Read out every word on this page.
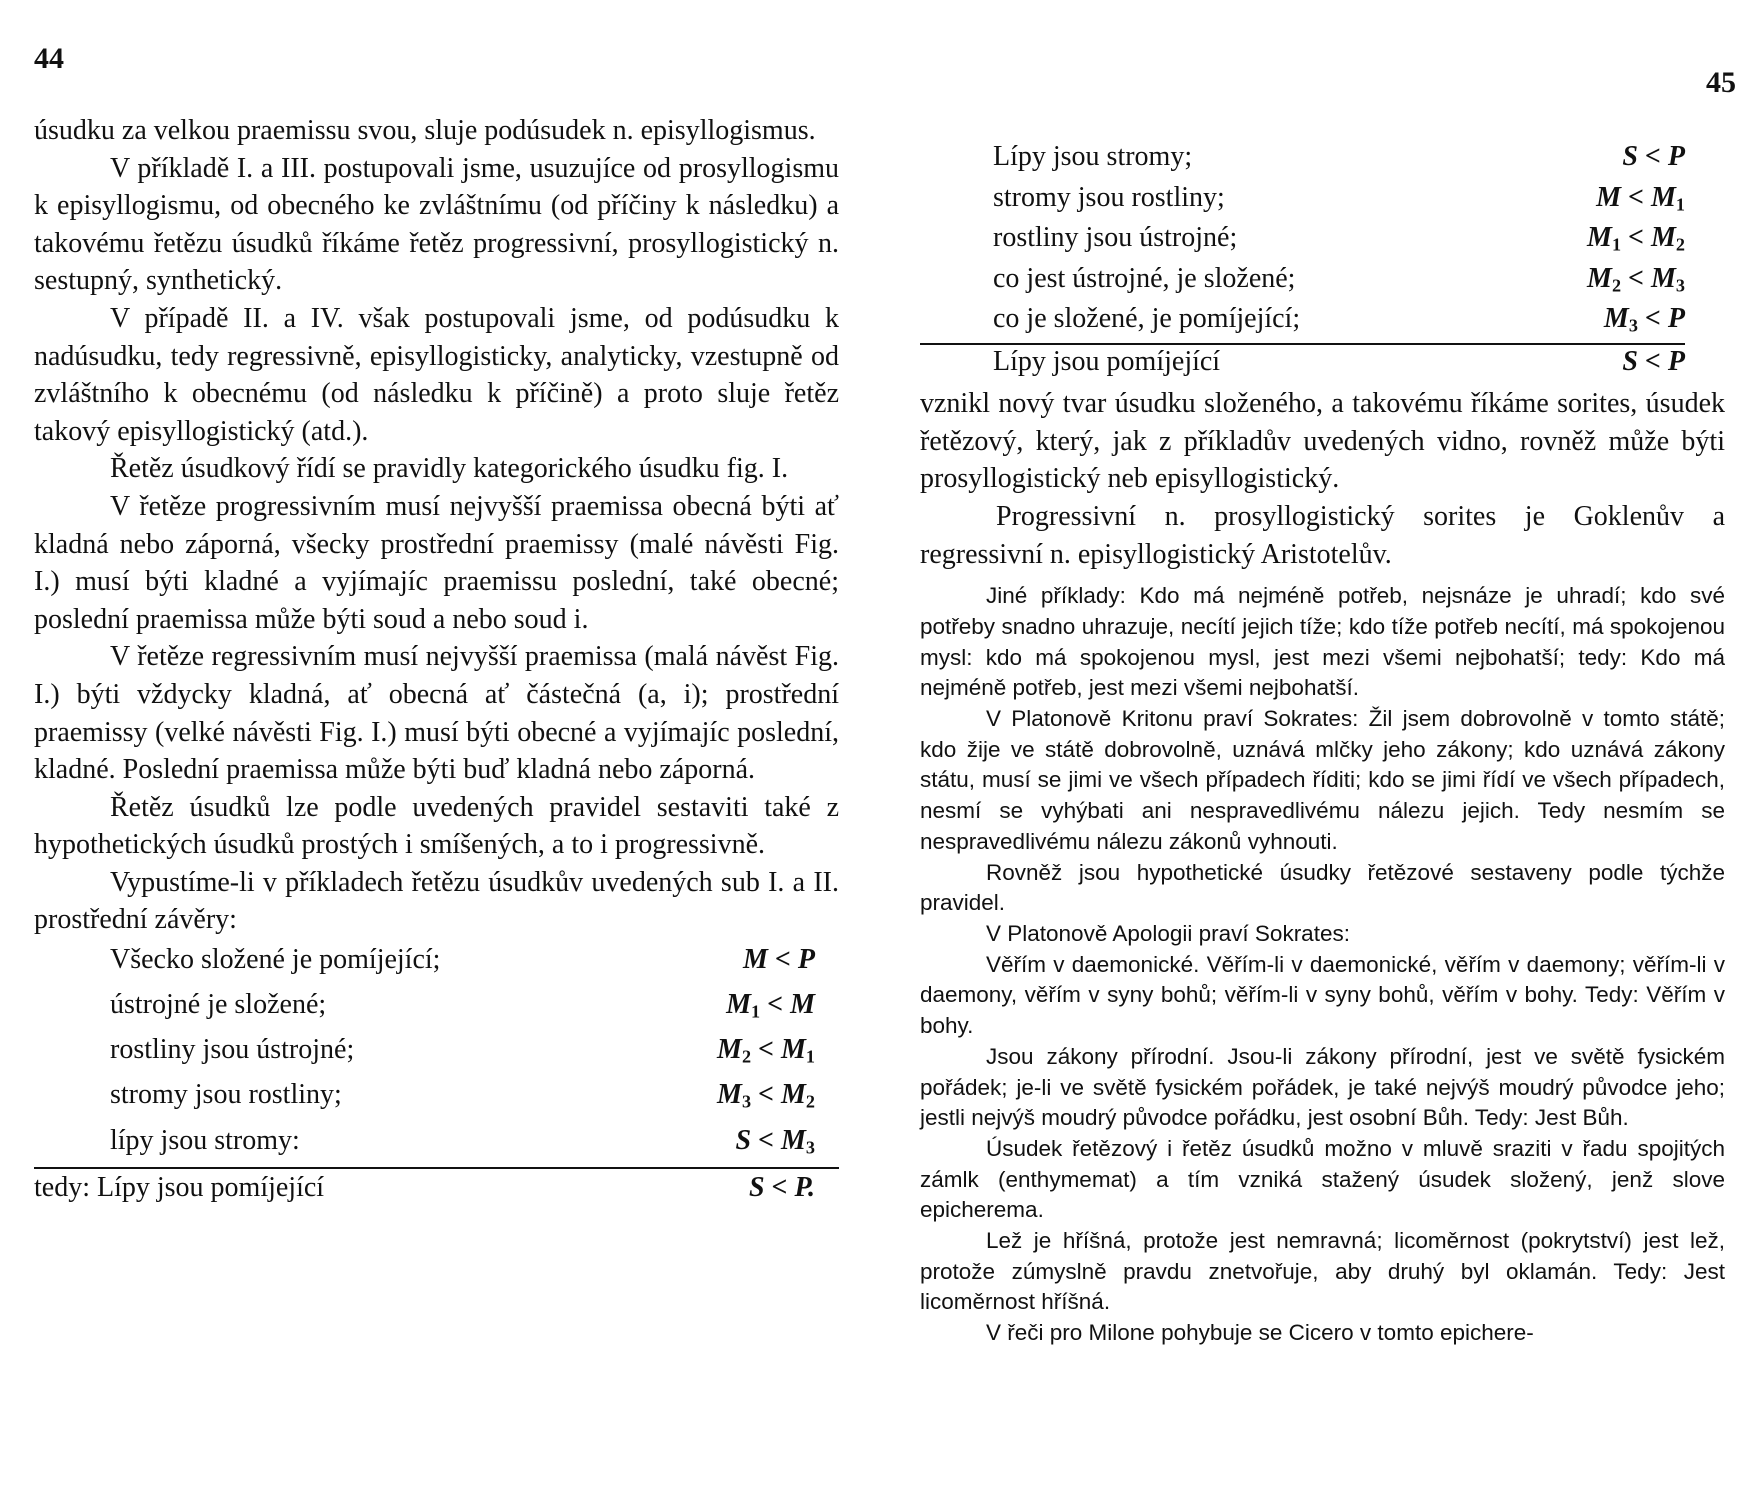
44

úsudku za velkou praemissu svou, sluje podúsudek n. episyllogismus.

V příkladě I. a III. postupovali jsme, usuzujíce od prosyllogismu k episyllogismu, od obecného ke zvláštnímu (od příčiny k následku) a takovému řetězu úsudků říkáme řetěz progressivní, prosyllogistický n. sestupný, synthetický.

V případě II. a IV. však postupovali jsme, od podúsudku k nadúsudku, tedy regressivně, episyllogisticky, analyticky, vzestupně od zvláštního k obecnému (od následku k příčině) a proto sluje řetěz takový episyllogistický (atd.).

Řetěz úsudkový řídí se pravidly kategorického úsudku fig. I.

V řetěze progressivním musí nejvyšší praemissa obecná býti ať kladná nebo záporná, všecky prostřední praemissy (malé návěsti Fig. I.) musí býti kladné a vyjímajíc praemissu poslední, také obecné; poslední praemissa může býti soud a nebo soud i.

V řetěze regressivním musí nejvyšší praemissa (malá návěst Fig. I.) býti vždycky kladná, ať obecná ať částečná (a, i); prostřední praemissy (velké návěsti Fig. I.) musí býti obecné a vyjímajíc poslední, kladné. Poslední praemissa může býti buď kladná nebo záporná.

Řetěz úsudků lze podle uvedených pravidel sestaviti také z hypothetických úsudků prostých i smíšených, a to i progressivně.

Vypustíme-li v příkladech řetězu úsudkův uvedených sub I. a II. prostřední závěry:

Všecko složené je pomíjející;	M < P
ústrojné je složené;	$M_1 < M$
rostliny jsou ústrojné;	$M_2 < M_1$
stromy jsou rostliny;	$M_3 < M_2$
lípy jsou stromy:	$S < M_3$
tedy: Lípy jsou pomíjející	S < P.
45
Lípy jsou stromy;	S < P
stromy jsou rostliny;	$M < M_1$
rostliny jsou ústrojné;	$M_1 < M_2$
co jest ústrojné, je složené;	$M_2 < M_3$
co je složené, je pomíjející;	$M_3 < P$
Lípy jsou pomíjející	S < P

vznikl nový tvar úsudku složeného, a takovému říkáme sorites, úsudek řetězový, který, jak z příkladův uvedených vidno, rovněž může býti prosyllogistický neb episyllogistický.

Progressivní n. prosyllogistický sorites je Goklenův a regressivní n. episyllogistický Aristotelův.

Jiné příklady: Kdo má nejméně potřeb, nejsnáze je uhradí; kdo své potřeby snadno uhrazuje, necítí jejich tíže; kdo tíže potřeb necítí, má spokojenou mysl: kdo má spokojenou mysl, jest mezi všemi nejbohatší; tedy: Kdo má nejméně potřeb, jest mezi všemi nejbohatší.

V Platonově Kritonu praví Sokrates: Žil jsem dobrovolně v tomto státě; kdo žije ve státě dobrovolně, uznává mlčky jeho zákony; kdo uznává zákony státu, musí se jimi ve všech případech říditi; kdo se jimi řídí ve všech případech, nesmí se vyhýbati ani nespravedlivému nálezu jejich. Tedy nesmím se nespravedlivému nálezu zákonů vyhnouti.

Rovněž jsou hypothetické úsudky řetězové sestaveny podle týchže pravidel.

V Platonově Apologii praví Sokrates:

Věřím v daemonické. Věřím-li v daemonické, věřím v daemony; věřím-li v daemony, věřím v syny bohů; věřím-li v syny bohů, věřím v bohy. Tedy: Věřím v bohy.

Jsou zákony přírodní. Jsou-li zákony přírodní, jest ve světě fysickém pořádek; je-li ve světě fysickém pořádek, je také nejvýš moudrý původce jeho; jestli nejvýš moudrý původce pořádku, jest osobní Bůh. Tedy: Jest Bůh.

Úsudek řetězový i řetěz úsudků možno v mluvě sraziti v řadu spojitých zámlk (enthymemat) a tím vzniká stažený úsudek složený, jenž slove epicherema.

Lež je hříšná, protože jest nemravná; licoměrnost (pokrytství) jest lež, protože zúmyslně pravdu znetvořuje, aby druhý byl oklamán. Tedy: Jest licoměrnost hříšná.

V řeči pro Milone pohybuje se Cicero v tomto epichere-
